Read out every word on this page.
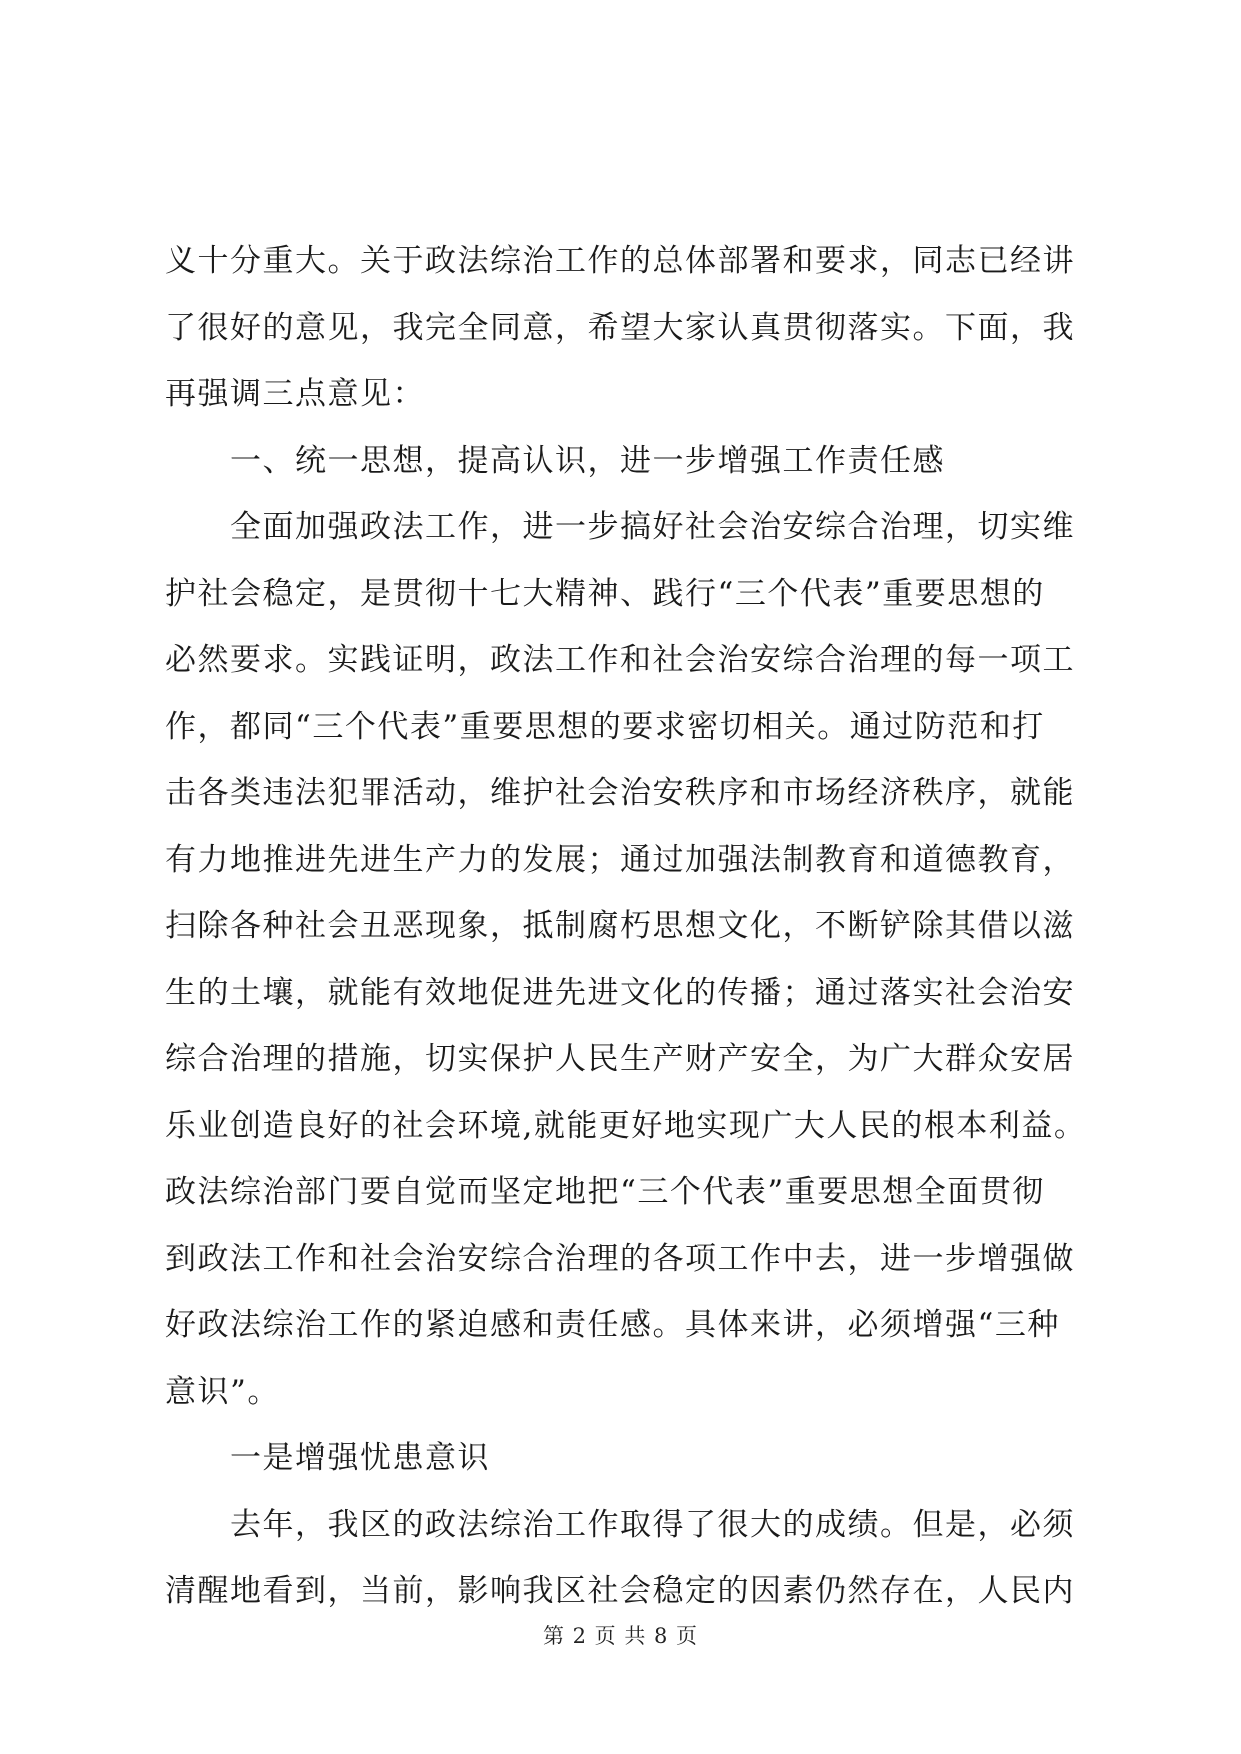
义十分重大。关于政法综治工作的总体部署和要求，同志已经讲
了很好的意见，我完全同意，希望大家认真贯彻落实。下面，我
再强调三点意见：
一、统一思想，提高认识，进一步增强工作责任感
全面加强政法工作，进一步搞好社会治安综合治理，切实维
护社会稳定，是贯彻十七大精神、践行“三个代表”重要思想的
必然要求。实践证明，政法工作和社会治安综合治理的每一项工
作，都同“三个代表”重要思想的要求密切相关。通过防范和打
击各类违法犯罪活动，维护社会治安秩序和市场经济秩序，就能
有力地推进先进生产力的发展；通过加强法制教育和道德教育，
扫除各种社会丑恶现象，抵制腐朽思想文化，不断铲除其借以滋
生的土壤，就能有效地促进先进文化的传播；通过落实社会治安
综合治理的措施，切实保护人民生产财产安全，为广大群众安居
乐业创造良好的社会环境,就能更好地实现广大人民的根本利益。
政法综治部门要自觉而坚定地把“三个代表”重要思想全面贯彻
到政法工作和社会治安综合治理的各项工作中去，进一步增强做
好政法综治工作的紧迫感和责任感。具体来讲，必须增强“三种
意识”。
一是增强忧患意识
去年，我区的政法综治工作取得了很大的成绩。但是，必须
清醒地看到，当前，影响我区社会稳定的因素仍然存在，人民内
第 2 页 共 8 页
